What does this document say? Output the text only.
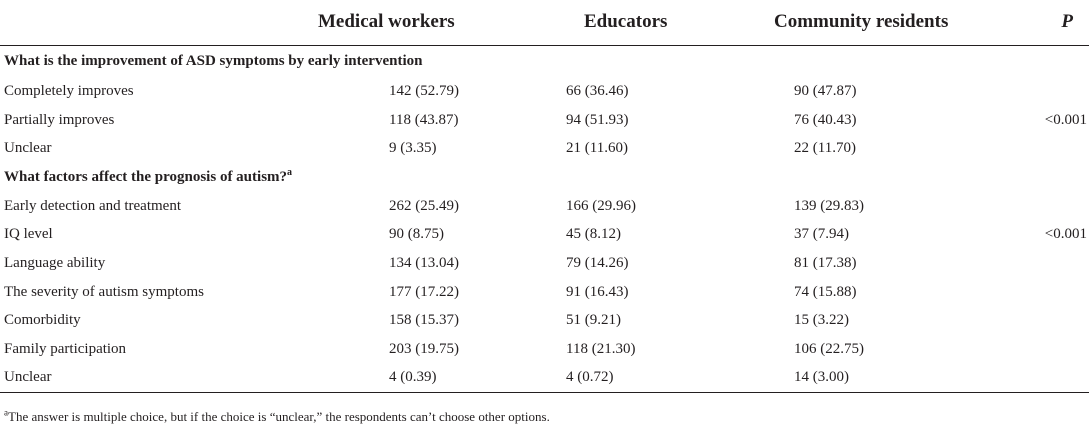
	Medical workers	Educators	Community residents	P
What is the improvement of ASD symptoms by early intervention				
Completely improves	142 (52.79)	66 (36.46)	90 (47.87)	
Partially improves	118 (43.87)	94 (51.93)	76 (40.43)	<0.001
Unclear	9 (3.35)	21 (11.60)	22 (11.70)	
What factors affect the prognosis of autism?$^a$
Early detection and treatment	262 (25.49)	166 (29.96)	139 (29.83)	
IQ level	90 (8.75)	45 (8.12)	37 (7.94)	<0.001
Language ability	134 (13.04)	79 (14.26)	81 (17.38)	
The severity of autism symptoms	177 (17.22)	91 (16.43)	74 (15.88)	
Comorbidity	158 (15.37)	51 (9.21)	15 (3.22)	
Family participation	203 (19.75)	118 (21.30)	106 (22.75)	
Unclear	4 (0.39)	4 (0.72)	14 (3.00)	
$^a$The answer is multiple choice, but if the choice is “unclear,” the respondents can’t choose other options.
